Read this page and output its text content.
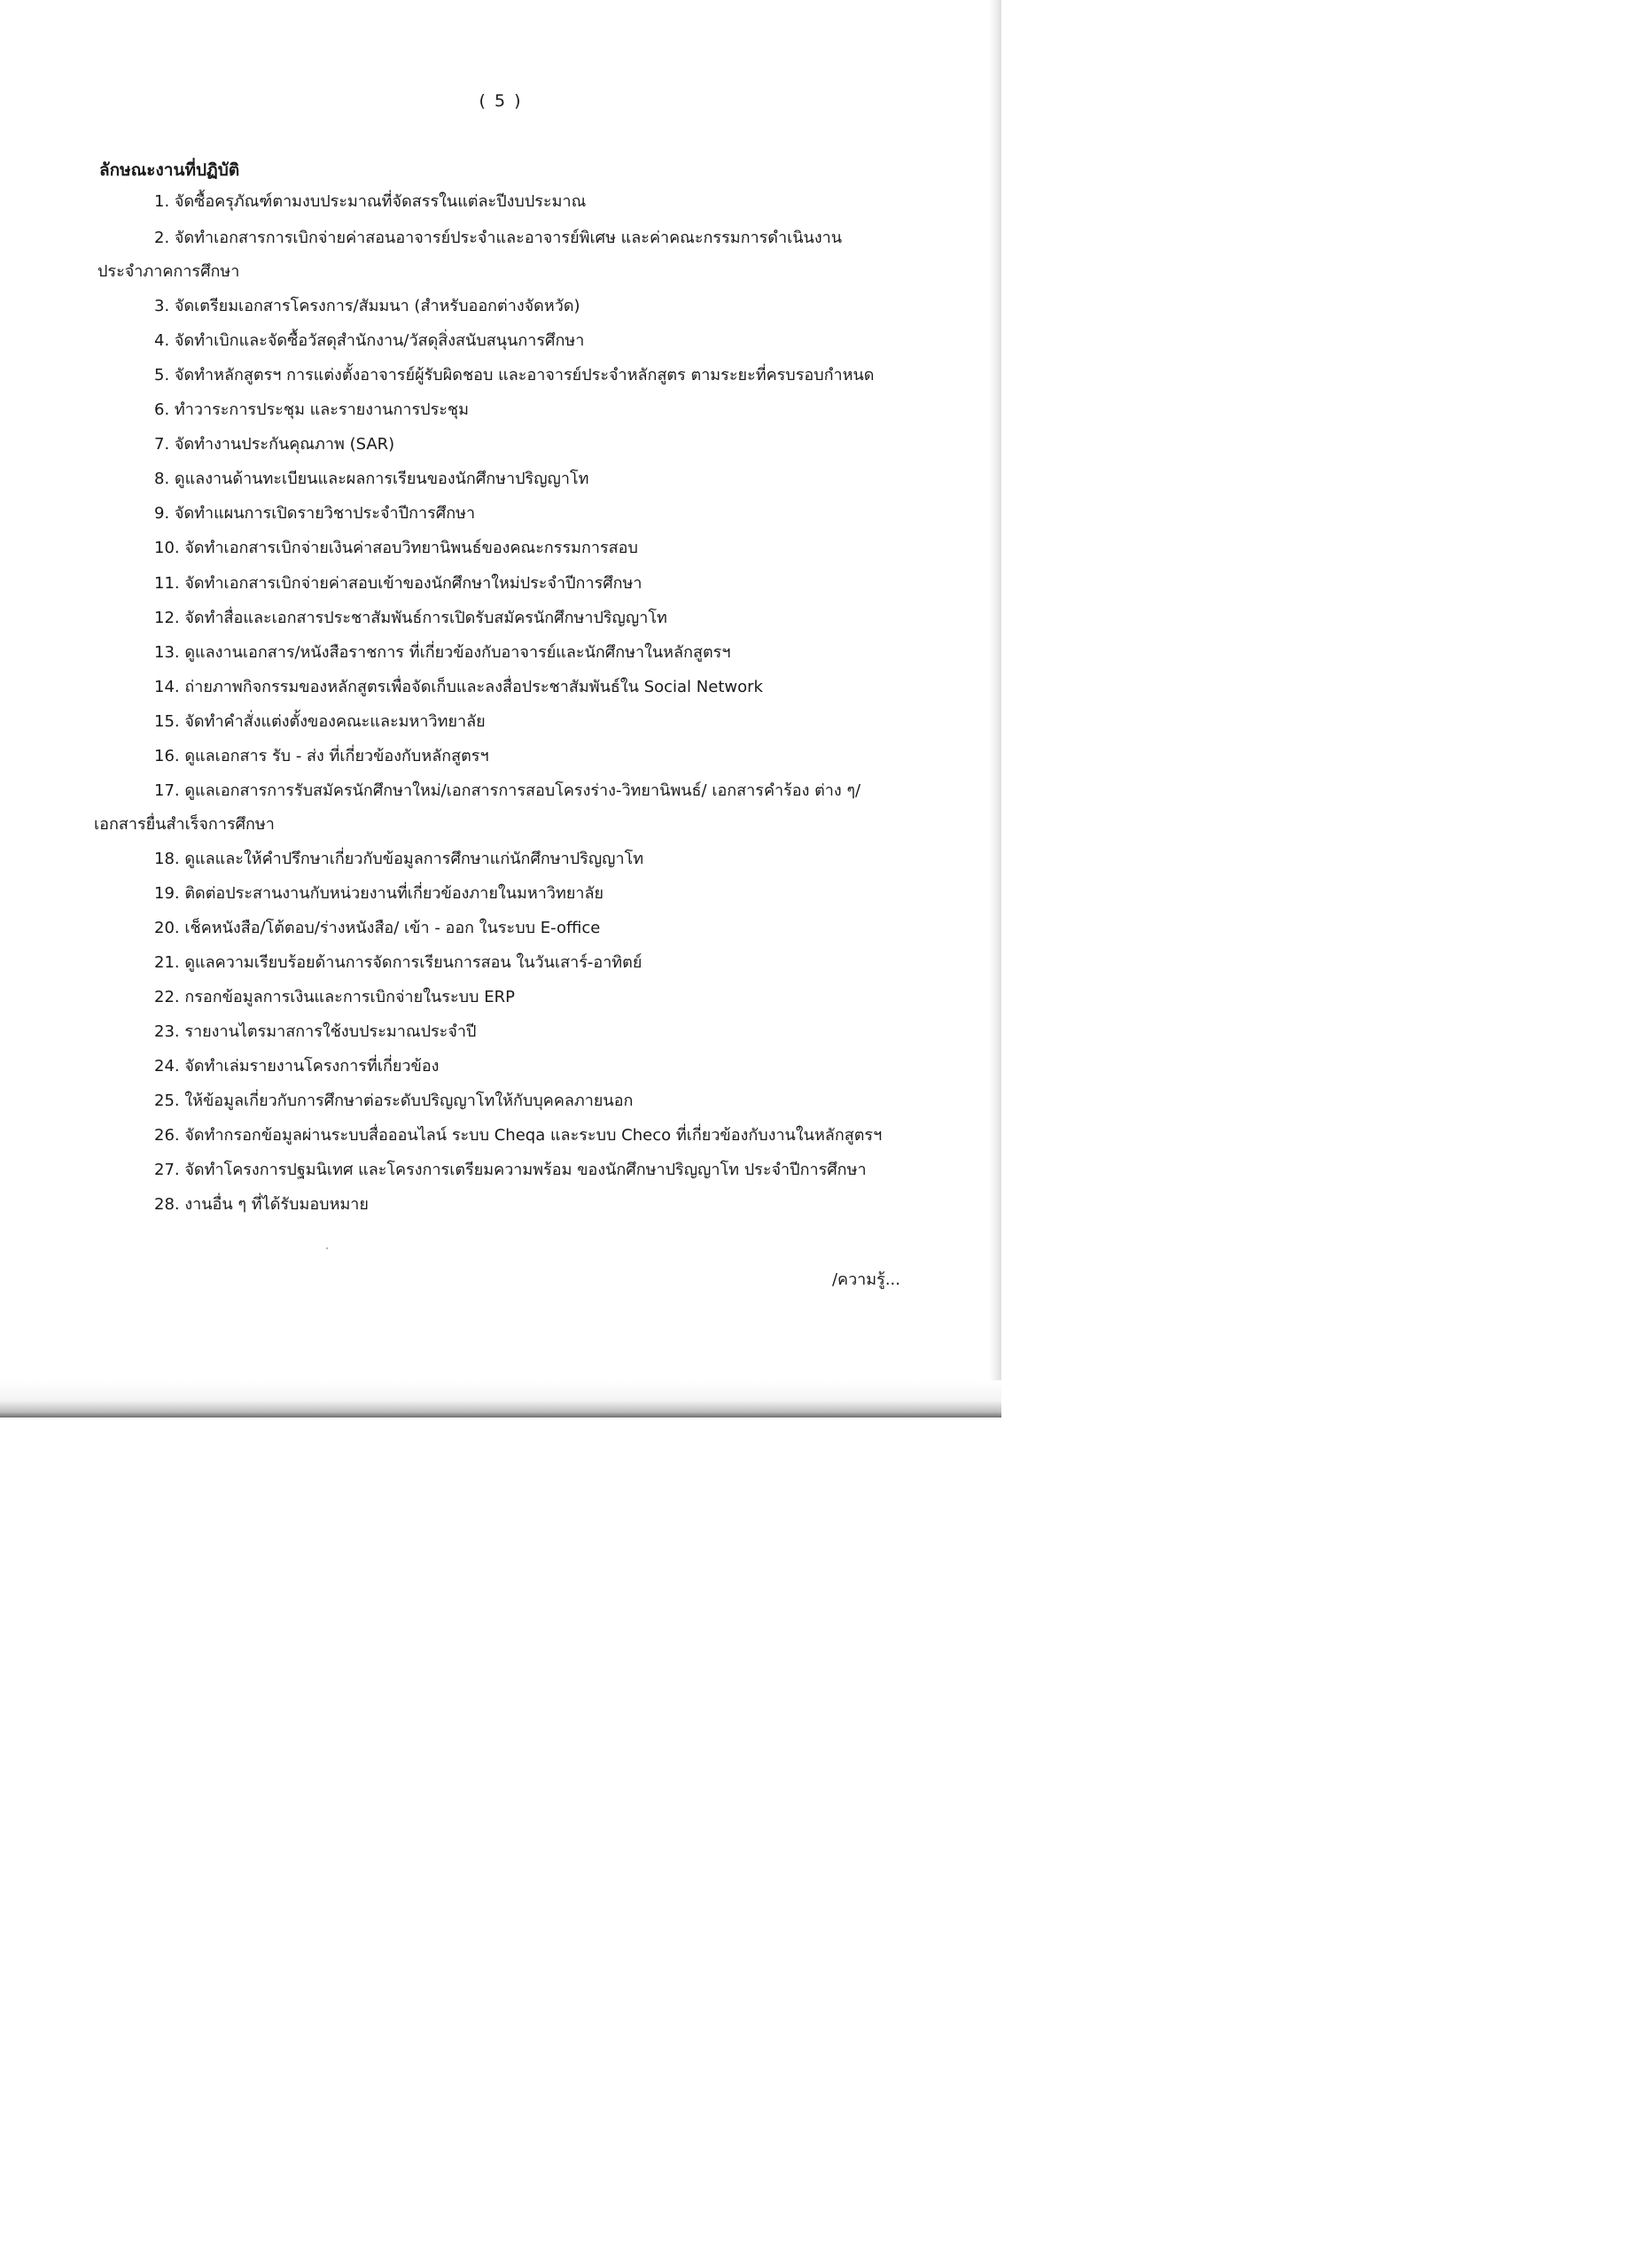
( 5 )
ลักษณะงานที่ปฏิบัติ
1. จัดซื้อครุภัณฑ์ตามงบประมาณที่จัดสรรในแต่ละปีงบประมาณ
2. จัดทำเอกสารการเบิกจ่ายค่าสอนอาจารย์ประจำและอาจารย์พิเศษ และค่าคณะกรรมการดำเนินงาน
ประจำภาคการศึกษา
3. จัดเตรียมเอกสารโครงการ/สัมมนา (สำหรับออกต่างจัดหวัด)
4. จัดทำเบิกและจัดซื้อวัสดุสำนักงาน/วัสดุสิ่งสนับสนุนการศึกษา
5. จัดทำหลักสูตรฯ การแต่งตั้งอาจารย์ผู้รับผิดชอบ และอาจารย์ประจำหลักสูตร ตามระยะที่ครบรอบกำหนด
6. ทำวาระการประชุม และรายงานการประชุม
7. จัดทำงานประกันคุณภาพ (SAR)
8. ดูแลงานด้านทะเบียนและผลการเรียนของนักศึกษาปริญญาโท
9. จัดทำแผนการเปิดรายวิชาประจำปีการศึกษา
10. จัดทำเอกสารเบิกจ่ายเงินค่าสอบวิทยานิพนธ์ของคณะกรรมการสอบ
11. จัดทำเอกสารเบิกจ่ายค่าสอบเข้าของนักศึกษาใหม่ประจำปีการศึกษา
12. จัดทำสื่อและเอกสารประชาสัมพันธ์การเปิดรับสมัครนักศึกษาปริญญาโท
13. ดูแลงานเอกสาร/หนังสือราชการ ที่เกี่ยวข้องกับอาจารย์และนักศึกษาในหลักสูตรฯ
14. ถ่ายภาพกิจกรรมของหลักสูตรเพื่อจัดเก็บและลงสื่อประชาสัมพันธ์ใน Social Network
15. จัดทำคำสั่งแต่งตั้งของคณะและมหาวิทยาลัย
16. ดูแลเอกสาร รับ - ส่ง ที่เกี่ยวข้องกับหลักสูตรฯ
17. ดูแลเอกสารการรับสมัครนักศึกษาใหม่/เอกสารการสอบโครงร่าง-วิทยานิพนธ์/ เอกสารคำร้อง ต่าง ๆ/
เอกสารยื่นสำเร็จการศึกษา
18. ดูแลและให้คำปรึกษาเกี่ยวกับข้อมูลการศึกษาแก่นักศึกษาปริญญาโท
19. ติดต่อประสานงานกับหน่วยงานที่เกี่ยวข้องภายในมหาวิทยาลัย
20. เช็คหนังสือ/โต้ตอบ/ร่างหนังสือ/ เข้า - ออก ในระบบ E-office
21. ดูแลความเรียบร้อยด้านการจัดการเรียนการสอน ในวันเสาร์-อาทิตย์
22. กรอกข้อมูลการเงินและการเบิกจ่ายในระบบ ERP
23. รายงานไตรมาสการใช้งบประมาณประจำปี
24. จัดทำเล่มรายงานโครงการที่เกี่ยวข้อง
25. ให้ข้อมูลเกี่ยวกับการศึกษาต่อระดับปริญญาโทให้กับบุคคลภายนอก
26. จัดทำกรอกข้อมูลผ่านระบบสื่อออนไลน์ ระบบ Cheqa และระบบ Checo ที่เกี่ยวข้องกับงานในหลักสูตรฯ
27. จัดทำโครงการปฐมนิเทศ และโครงการเตรียมความพร้อม ของนักศึกษาปริญญาโท ประจำปีการศึกษา
28. งานอื่น ๆ ที่ได้รับมอบหมาย
/ความรู้...
